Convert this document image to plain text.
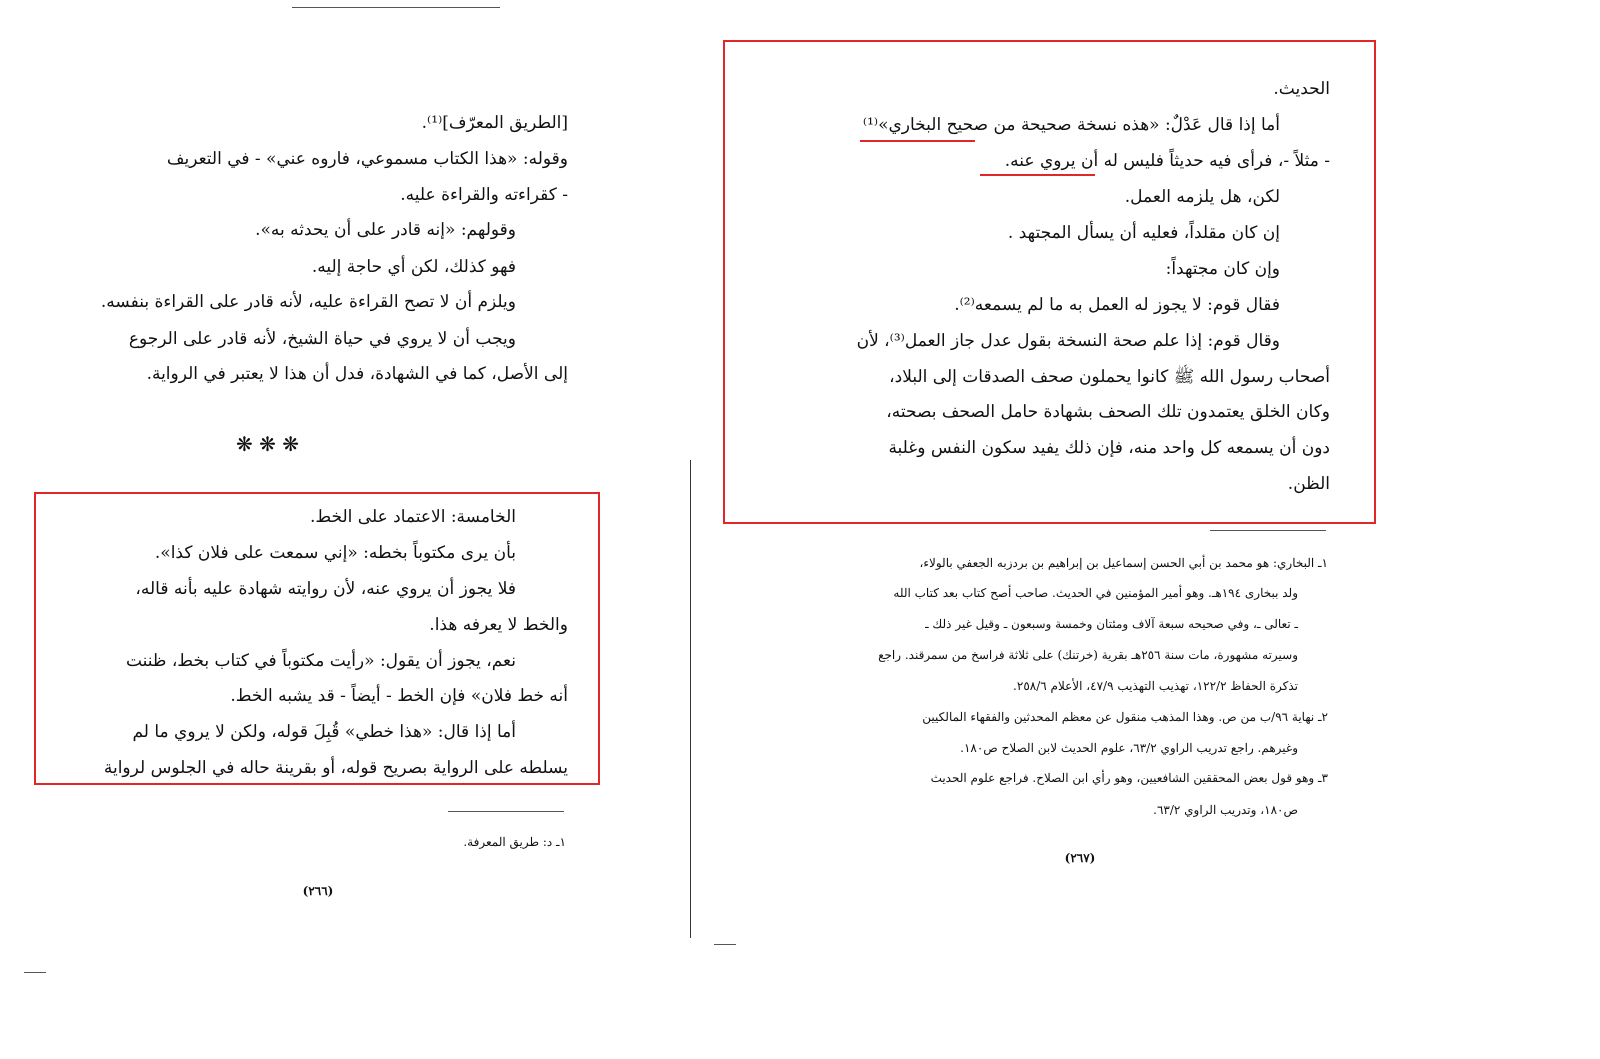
[الطريق المعرّف]⁽¹⁾.
وقوله: «هذا الكتاب مسموعي، فاروه عني» - في التعريف
- كقراءته والقراءة عليه.
وقولهم: «إنه قادر على أن يحدثه به».
فهو كذلك، لكن أي حاجة إليه.
ويلزم أن لا تصح القراءة عليه، لأنه قادر على القراءة بنفسه.
ويجب أن لا يروي في حياة الشيخ، لأنه قادر على الرجوع
إلى الأصل، كما في الشهادة، فدل أن هذا لا يعتبر في الرواية.
❋ ❋ ❋
الخامسة: الاعتماد على الخط.
بأن يرى مكتوباً بخطه: «إني سمعت على فلان كذا».
فلا يجوز أن يروي عنه، لأن روايته شهادة عليه بأنه قاله،
والخط لا يعرفه هذا.
نعم، يجوز أن يقول: «رأيت مكتوباً في كتاب بخط، ظننت
أنه خط فلان» فإن الخط - أيضاً - قد يشبه الخط.
أما إذا قال: «هذا خطي» قُبِلَ قوله، ولكن لا يروي ما لم
يسلطه على الرواية بصريح قوله، أو بقرينة حاله في الجلوس لرواية
١ـ د: طريق المعرفة.
(٢٦٦)
الحديث.
أما إذا قال عَدْلٌ: «هذه نسخة صحيحة من صحيح البخاري»⁽¹⁾
- مثلاً -، فرأى فيه حديثاً فليس له أن يروي عنه.
لكن، هل يلزمه العمل.
إن كان مقلداً، فعليه أن يسأل المجتهد .
وإن كان مجتهداً:
فقال قوم: لا يجوز له العمل به ما لم يسمعه⁽²⁾.
وقال قوم: إذا علم صحة النسخة بقول عدل جاز العمل⁽³⁾، لأن
أصحاب رسول الله ﷺ كانوا يحملون صحف الصدقات إلى البلاد،
وكان الخلق يعتمدون تلك الصحف بشهادة حامل الصحف بصحته،
دون أن يسمعه كل واحد منه، فإن ذلك يفيد سكون النفس وغلبة
الظن.
١ـ البخاري: هو محمد بن أبي الحسن إسماعيل بن إبراهيم بن بردزبه الجعفي بالولاء،
ولد ببخارى ١٩٤هـ. وهو أمير المؤمنين في الحديث. صاحب أصح كتاب بعد كتاب الله
ـ تعالى ـ، وفي صحيحه سبعة آلاف ومئتان وخمسة وسبعون ـ وقيل غير ذلك ـ
وسيرته مشهورة، مات سنة ٢٥٦هـ بقرية (خرتنك) على ثلاثة فراسخ من سمرقند. راجع
تذكرة الحفاظ ١٢٢/٢، تهذيب التهذيب ٤٧/٩، الأعلام ٢٥٨/٦.
٢ـ نهاية ٩٦/ب من ص. وهذا المذهب منقول عن معظم المحدثين والفقهاء المالكيين
وغيرهم. راجع تدريب الراوي ٦٣/٢، علوم الحديث لابن الصلاح ص١٨٠.
٣ـ وهو قول بعض المحققين الشافعيين، وهو رأي ابن الصلاح. فراجع علوم الحديث
ص١٨٠، وتدريب الراوي ٦٣/٢.
(٢٦٧)
